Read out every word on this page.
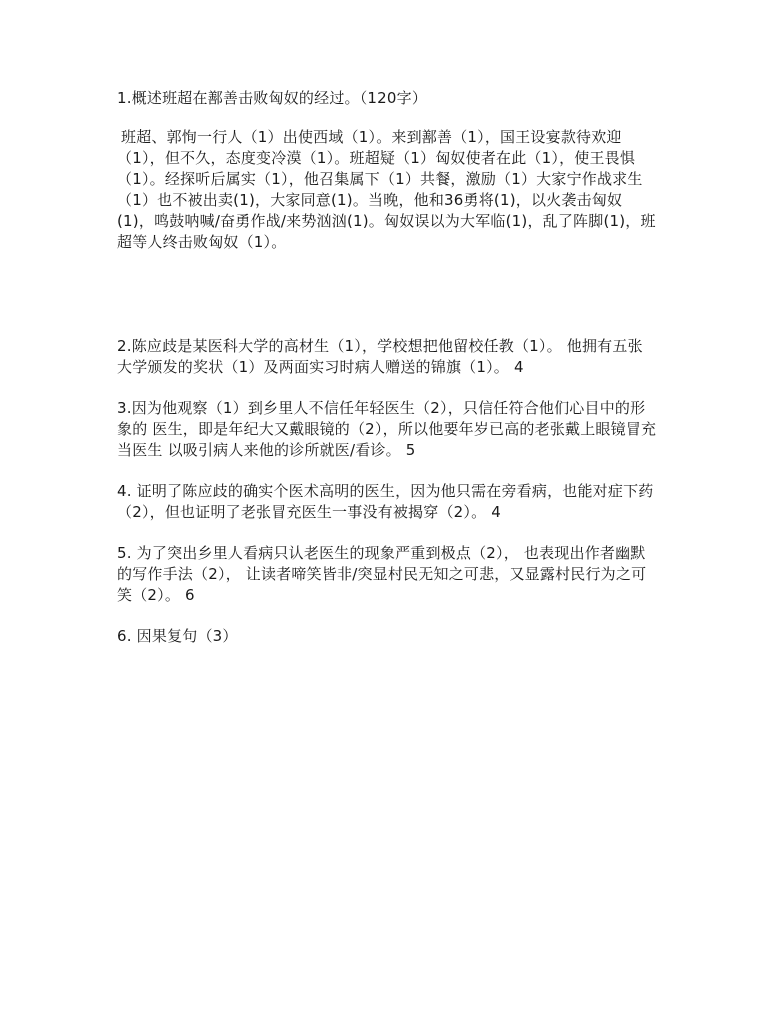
1.概述班超在鄯善击败匈奴的经过。（120字）

班超、郭恂一行人（1）出使西域（1）。来到鄯善（1），国王设宴款待欢迎（1），但不久，态度变冷漠（1）。班超疑（1）匈奴使者在此（1），使王畏惧（1）。经探听后属实（1），他召集属下（1）共餐，激励（1）大家宁作战求生（1）也不被出卖(1)，大家同意(1)。当晚，他和36勇将(1)，以火袭击匈奴(1)，鸣鼓呐喊/奋勇作战/来势汹汹(1)。匈奴误以为大军临(1)，乱了阵脚(1)，班超等人终击败匈奴（1）。

2.陈应歧是某医科大学的高材生（1），学校想把他留校任教（1）。 他拥有五张大学颁发的奖状（1）及两面实习时病人赠送的锦旗（1）。 4

3.因为他观察（1）到乡里人不信任年轻医生（2），只信任符合他们心目中的形象的 医生，即是年纪大又戴眼镜的（2），所以他要年岁已高的老张戴上眼镜冒充当医生 以吸引病人来他的诊所就医/看诊。 5

4. 证明了陈应歧的确实个医术高明的医生，因为他只需在旁看病，也能对症下药 （2），但也证明了老张冒充医生一事没有被揭穿（2）。 4

5. 为了突出乡里人看病只认老医生的现象严重到极点（2）， 也表现出作者幽默的写作手法（2）， 让读者啼笑皆非/突显村民无知之可悲，又显露村民行为之可笑（2）。 6

6. 因果复句（3）
